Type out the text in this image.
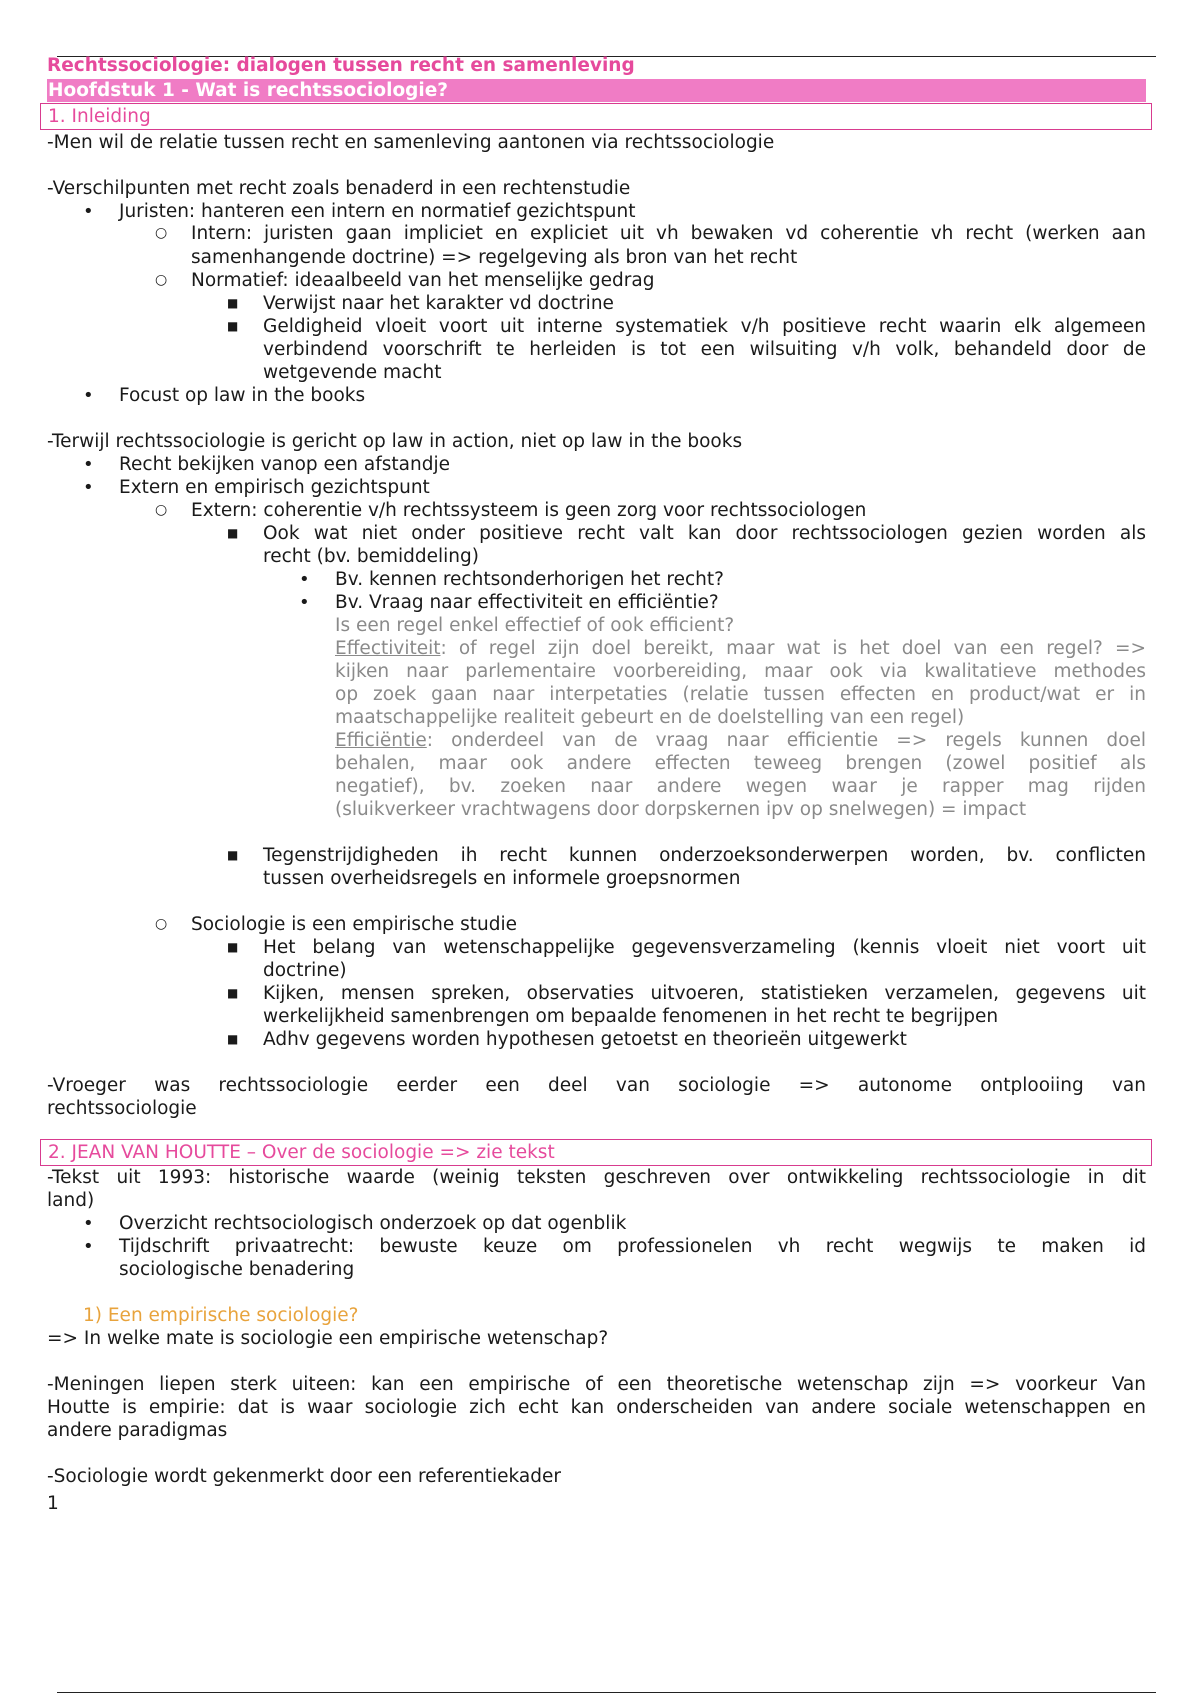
Rechtssociologie: dialogen tussen recht en samenleving
Hoofdstuk 1 - Wat is rechtssociologie?
1. Inleiding
-Men wil de relatie tussen recht en samenleving aantonen via rechtssociologie
-Verschilpunten met recht zoals benaderd in een rechtenstudie
• Juristen: hanteren een intern en normatief gezichtspunt
○ Intern: juristen gaan impliciet en expliciet uit vh bewaken vd coherentie vh recht (werken aan
samenhangende doctrine) => regelgeving als bron van het recht
○ Normatief: ideaalbeeld van het menselijke gedrag
■ Verwijst naar het karakter vd doctrine
■ Geldigheid vloeit voort uit interne systematiek v/h positieve recht waarin elk algemeen
verbindend voorschrift te herleiden is tot een wilsuiting v/h volk, behandeld door de
wetgevende macht
• Focust op law in the books
-Terwijl rechtssociologie is gericht op law in action, niet op law in the books
• Recht bekijken vanop een afstandje
• Extern en empirisch gezichtspunt
○ Extern: coherentie v/h rechtssysteem is geen zorg voor rechtssociologen
■ Ook wat niet onder positieve recht valt kan door rechtssociologen gezien worden als
recht (bv. bemiddeling)
• Bv. kennen rechtsonderhorigen het recht?
• Bv. Vraag naar effectiviteit en efficiëntie?
Is een regel enkel effectief of ook efficient?
Effectiviteit: of regel zijn doel bereikt, maar wat is het doel van een regel? =>
kijken naar parlementaire voorbereiding, maar ook via kwalitatieve methodes
op zoek gaan naar interpetaties (relatie tussen effecten en product/wat er in
maatschappelijke realiteit gebeurt en de doelstelling van een regel)
Efficiëntie: onderdeel van de vraag naar efficientie => regels kunnen doel
behalen, maar ook andere effecten teweeg brengen (zowel positief als
negatief), bv. zoeken naar andere wegen waar je rapper mag rijden
(sluikverkeer vrachtwagens door dorpskernen ipv op snelwegen) = impact
■ Tegenstrijdigheden ih recht kunnen onderzoeksonderwerpen worden, bv. conflicten
tussen overheidsregels en informele groepsnormen
○ Sociologie is een empirische studie
■ Het belang van wetenschappelijke gegevensverzameling (kennis vloeit niet voort uit
doctrine)
■ Kijken, mensen spreken, observaties uitvoeren, statistieken verzamelen, gegevens uit
werkelijkheid samenbrengen om bepaalde fenomenen in het recht te begrijpen
■ Adhv gegevens worden hypothesen getoetst en theorieën uitgewerkt
-Vroeger was rechtssociologie eerder een deel van sociologie => autonome ontplooiing van
rechtssociologie
2. JEAN VAN HOUTTE – Over de sociologie => zie tekst
-Tekst uit 1993: historische waarde (weinig teksten geschreven over ontwikkeling rechtssociologie in dit
land)
• Overzicht rechtsociologisch onderzoek op dat ogenblik
• Tijdschrift privaatrecht: bewuste keuze om professionelen vh recht wegwijs te maken id
sociologische benadering
1) Een empirische sociologie?
=> In welke mate is sociologie een empirische wetenschap?
-Meningen liepen sterk uiteen: kan een empirische of een theoretische wetenschap zijn => voorkeur Van
Houtte is empirie: dat is waar sociologie zich echt kan onderscheiden van andere sociale wetenschappen en
andere paradigmas
-Sociologie wordt gekenmerkt door een referentiekader
1
